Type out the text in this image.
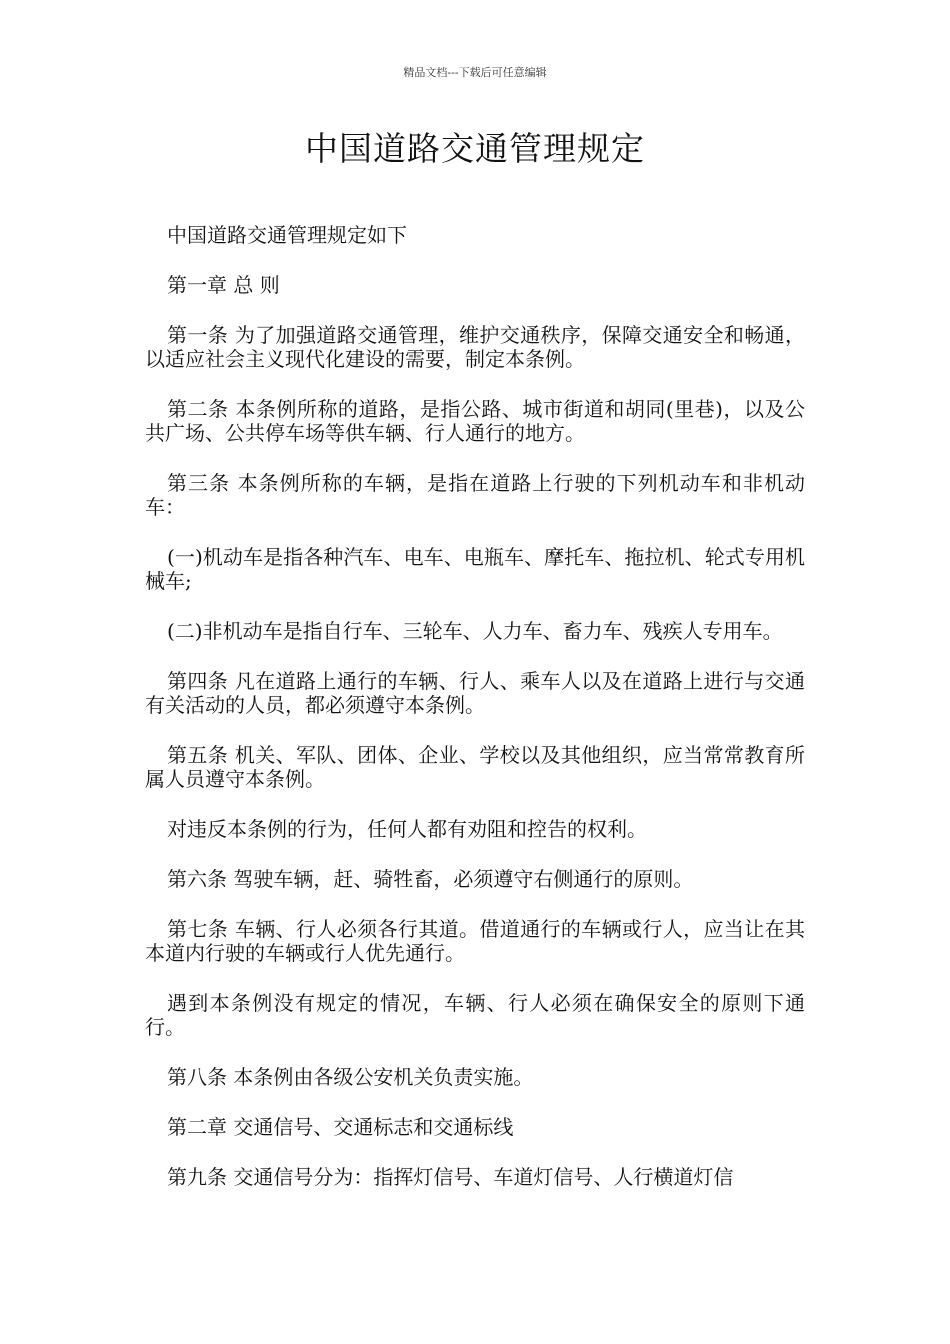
精品文档---下载后可任意编辑
中国道路交通管理规定

中国道路交通管理规定如下

第一章 总 则

第一条 为了加强道路交通管理，维护交通秩序，保障交通安全和畅通，以适应社会主义现代化建设的需要，制定本条例。

第二条 本条例所称的道路，是指公路、城市街道和胡同(里巷)，以及公共广场、公共停车场等供车辆、行人通行的地方。

第三条 本条例所称的车辆，是指在道路上行驶的下列机动车和非机动车：

(一)机动车是指各种汽车、电车、电瓶车、摩托车、拖拉机、轮式专用机械车;

(二)非机动车是指自行车、三轮车、人力车、畜力车、残疾人专用车。

第四条 凡在道路上通行的车辆、行人、乘车人以及在道路上进行与交通有关活动的人员，都必须遵守本条例。

第五条 机关、军队、团体、企业、学校以及其他组织，应当常常教育所属人员遵守本条例。

对违反本条例的行为，任何人都有劝阻和控告的权利。

第六条 驾驶车辆，赶、骑牲畜，必须遵守右侧通行的原则。

第七条 车辆、行人必须各行其道。借道通行的车辆或行人，应当让在其本道内行驶的车辆或行人优先通行。

遇到本条例没有规定的情况，车辆、行人必须在确保安全的原则下通行。

第八条 本条例由各级公安机关负责实施。

第二章 交通信号、交通标志和交通标线

第九条 交通信号分为：指挥灯信号、车道灯信号、人行横道灯信
